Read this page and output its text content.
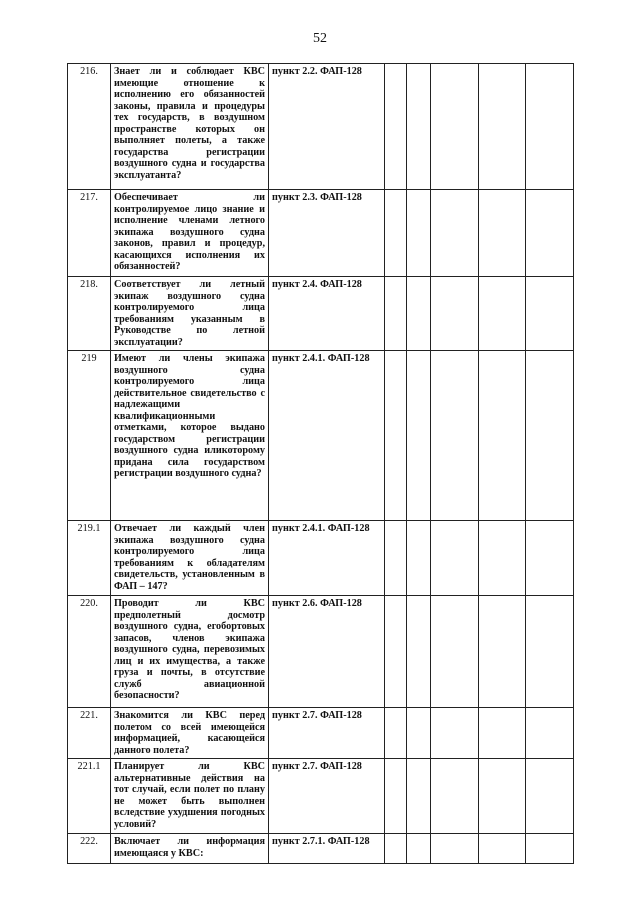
52
216.	Знает ли и соблюдает КВС имеющие отношение к исполнению его обязанностей законы, правила и процедуры тех государств, в воздушном пространстве которых он выполняет полеты, а также государства регистрации воздушного судна и государства эксплуатанта?	пункт 2.2. ФАП-128					
217.	Обеспечивает ли контролируемое лицо знание и исполнение членами летного экипажа воздушного судна законов, правил и процедур, касающихся исполнения их обязанностей?	пункт 2.3. ФАП-128					
218.	Соответствует ли летный экипаж воздушного судна контролируемого лица требованиям указанным в Руководстве по летной эксплуатации?	пункт 2.4. ФАП-128					
219	Имеют ли члены экипажа воздушного судна контролируемого лица действительное свидетельство с надлежащими квалификационными отметками, которое выдано государством регистрации воздушного судна иликоторому придана сила государством регистрации воздушного судна?	пункт 2.4.1. ФАП-128					
219.1	Отвечает ли каждый член экипажа воздушного судна контролируемого лица требованиям к обладателям свидетельств, установленным в ФАП – 147?	пункт 2.4.1. ФАП-128					
220.	Проводит ли КВС предполетный досмотр воздушного судна, егобортовых запасов, членов экипажа воздушного судна, перевозимых лиц и их имущества, а также груза и почты, в отсутствие служб авиационной безопасности?	пункт 2.6. ФАП-128					
221.	Знакомится ли КВС перед полетом со всей имеющейся информацией, касающейся данного полета?	пункт 2.7. ФАП-128					
221.1	Планирует ли КВС альтернативные действия на тот случай, если полет по плану не может быть выполнен вследствие ухудшения погодных условий?	пункт 2.7. ФАП-128					
222.	Включает ли информация имеющаяся у КВС:	пункт 2.7.1. ФАП-128					
